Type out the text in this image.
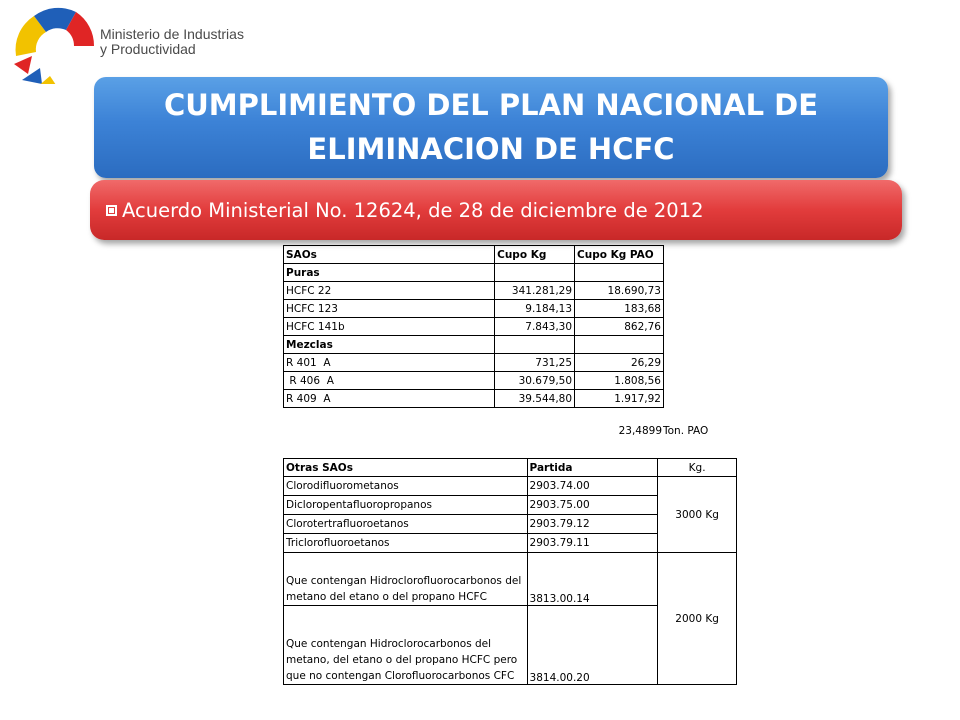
Ministerio de Industrias
y Productividad
CUMPLIMIENTO DEL PLAN NACIONAL DE
ELIMINACION DE HCFC
Acuerdo Ministerial No. 12624, de 28 de diciembre de 2012
SAOs	Cupo Kg	Cupo Kg PAO
Puras		
HCFC 22	341.281,29	18.690,73
HCFC 123	9.184,13	183,68
HCFC 141b	7.843,30	862,76
Mezclas		
R 401  A	731,25	26,29
R 406  A	30.679,50	1.808,56
R 409  A	39.544,80	1.917,92
23,4899 Ton. PAO
Otras SAOs	Partida	Kg.
Clorodifluorometanos	2903.74.00	3000 Kg
Dicloropentafluoropropanos	2903.75.00	
Clorotertrafluoroetanos	2903.79.12	
Triclorofluoroetanos	2903.79.11	
Que contengan Hidroclorofluorocarbonos del metano del etano o del propano HCFC	3813.00.14	2000 Kg
Que contengan Hidroclorocarbonos del metano, del etano o del propano HCFC pero que no contengan Clorofluorocarbonos CFC	3814.00.20	
